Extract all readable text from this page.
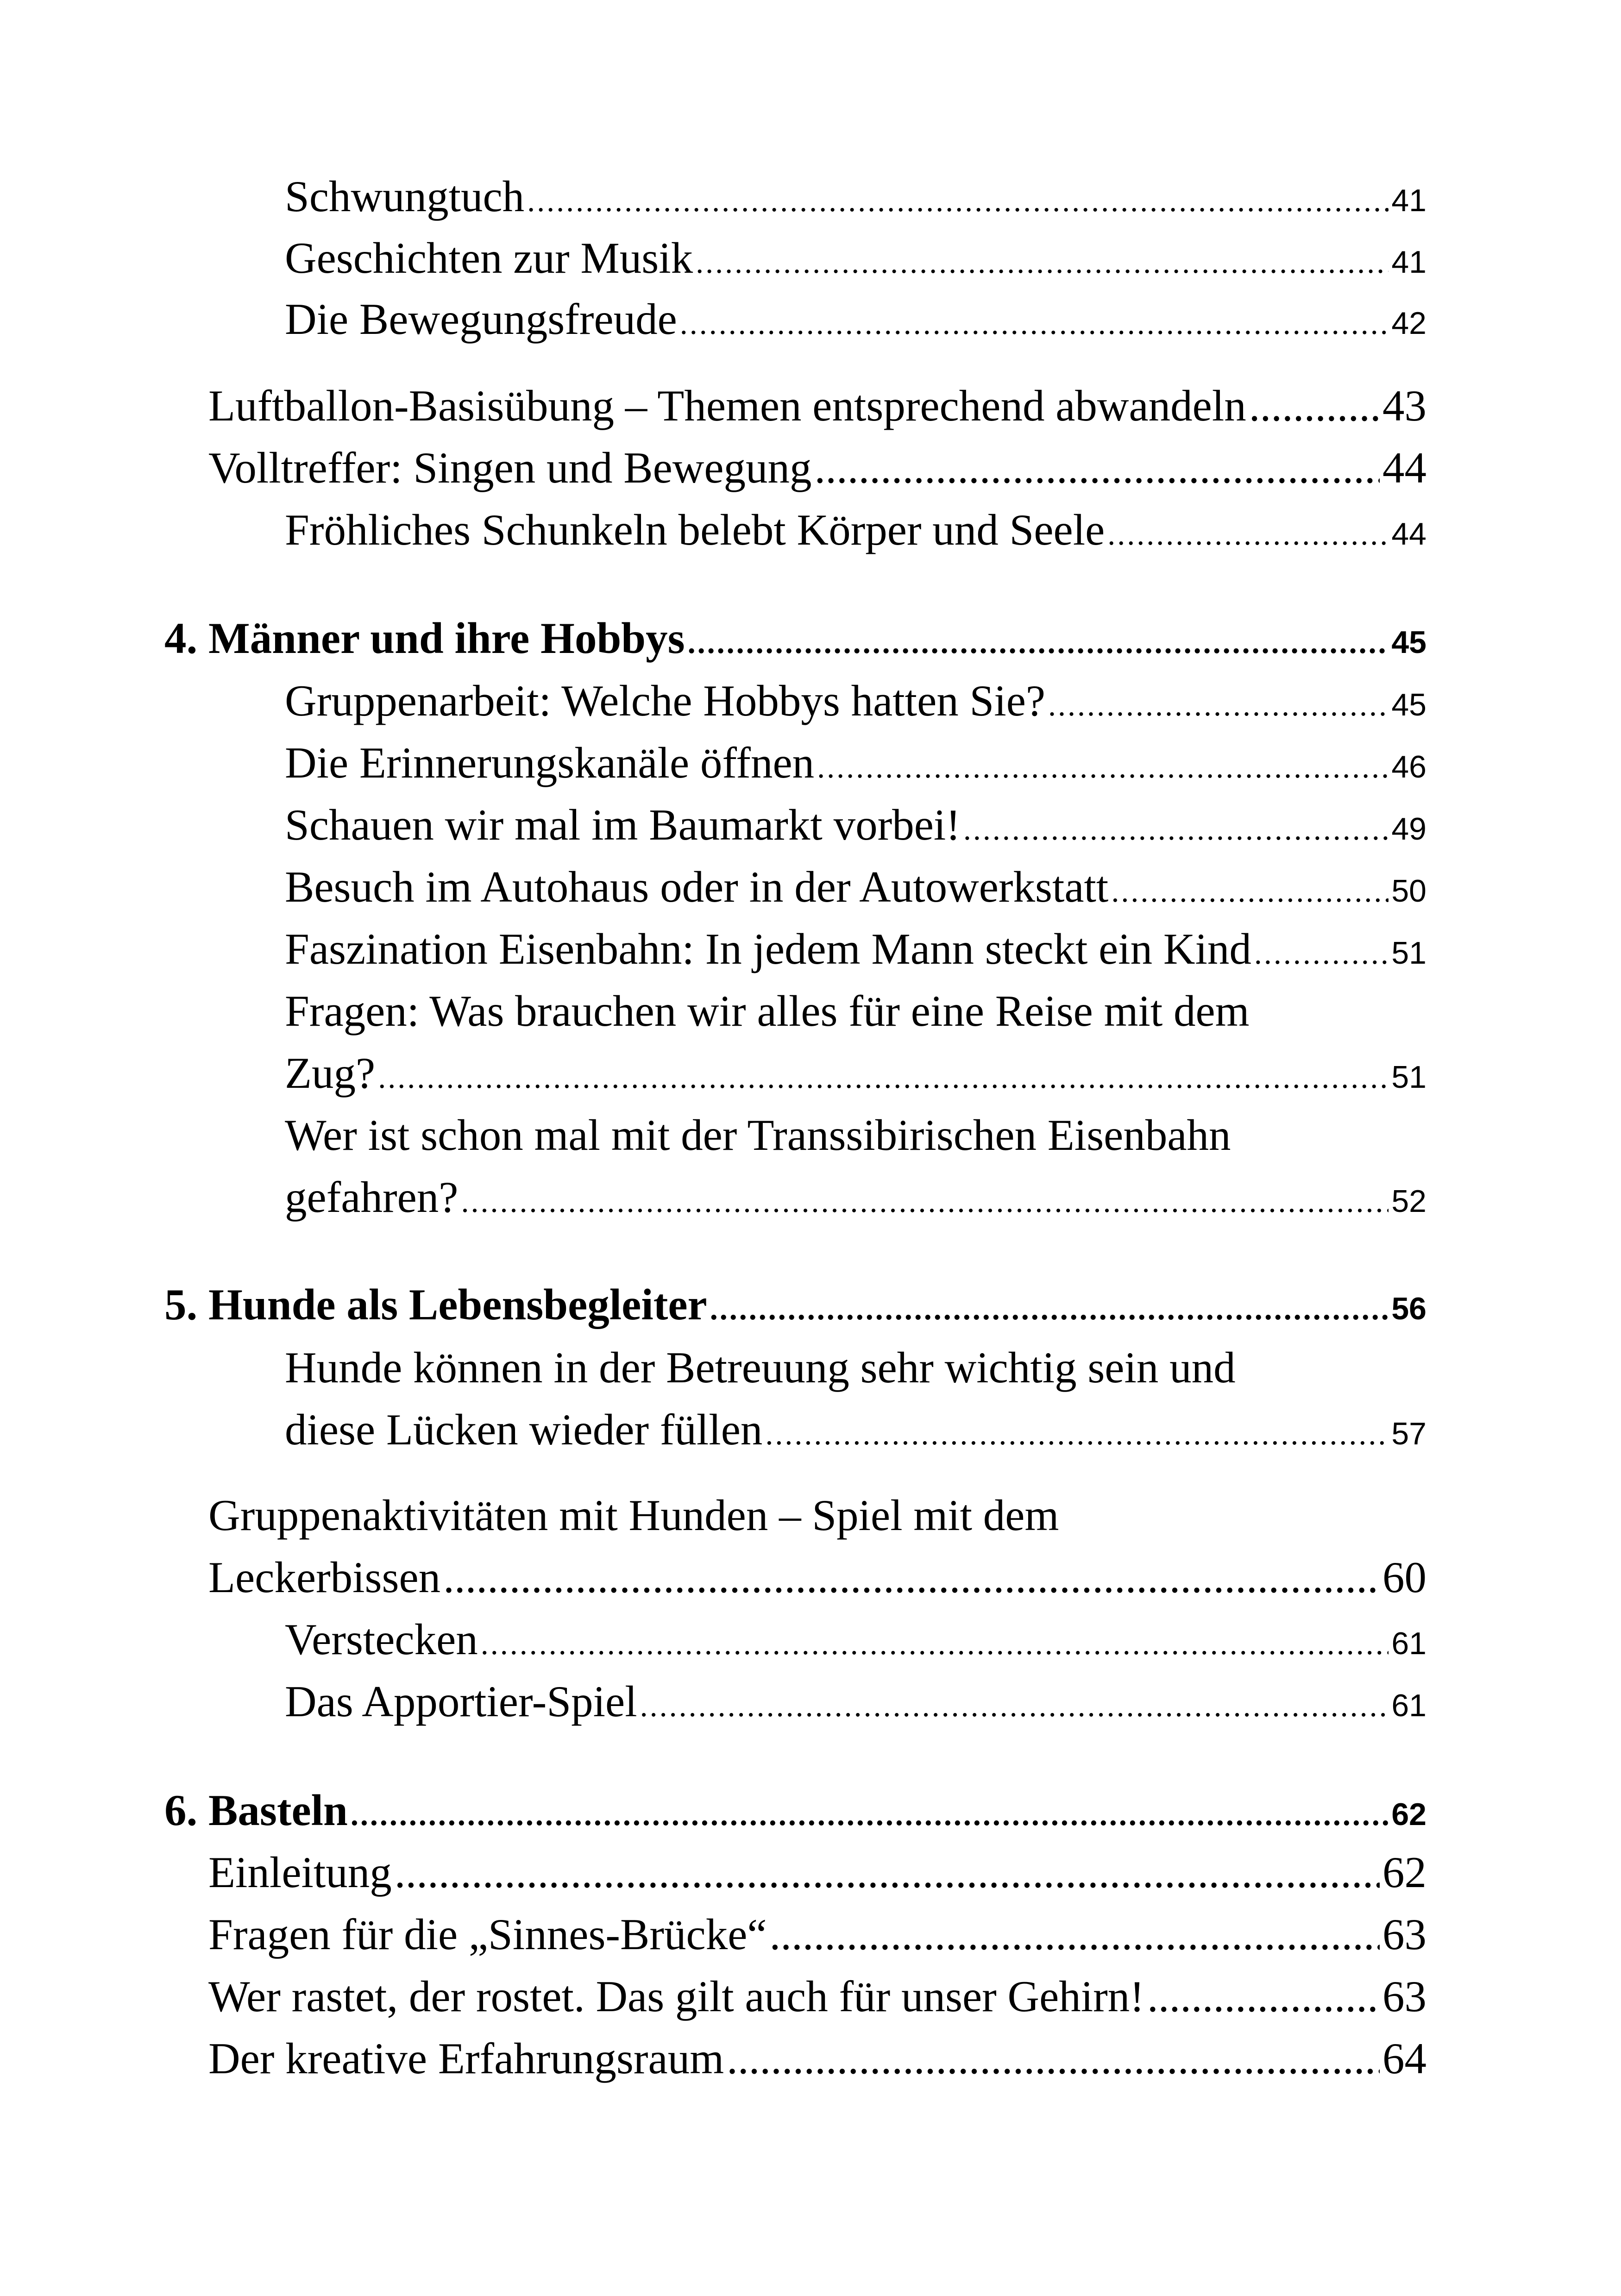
Schwungtuch .....	41
Geschichten zur Musik .....	41
Die Bewegungsfreude .....	42
Luftballon-Basisübung – Themen entsprechend abwandeln .....	43
Volltreffer: Singen und Bewegung .....	44
Fröhliches Schunkeln belebt Körper und Seele .....	44
4. Männer und ihre Hobbys .....	45
Gruppenarbeit: Welche Hobbys hatten Sie? .....	45
Die Erinnerungskanäle öffnen .....	46
Schauen wir mal im Baumarkt vorbei! .....	49
Besuch im Autohaus oder in der Autowerkstatt .....	50
Faszination Eisenbahn: In jedem Mann steckt ein Kind .....	51
Fragen: Was brauchen wir alles für eine Reise mit dem
Zug? .....	51
Wer ist schon mal mit der Transsibirischen Eisenbahn
gefahren? .....	52
5. Hunde als Lebensbegleiter .....	56
Hunde können in der Betreuung sehr wichtig sein und
diese Lücken wieder füllen .....	57
Gruppenaktivitäten mit Hunden – Spiel mit dem
Leckerbissen .....	60
Verstecken .....	61
Das Apportier-Spiel .....	61
6. Basteln .....	62
Einleitung .....	62
Fragen für die „Sinnes-Brücke“ .....	63
Wer rastet, der rostet. Das gilt auch für unser Gehirn! .....	63
Der kreative Erfahrungsraum .....	64
